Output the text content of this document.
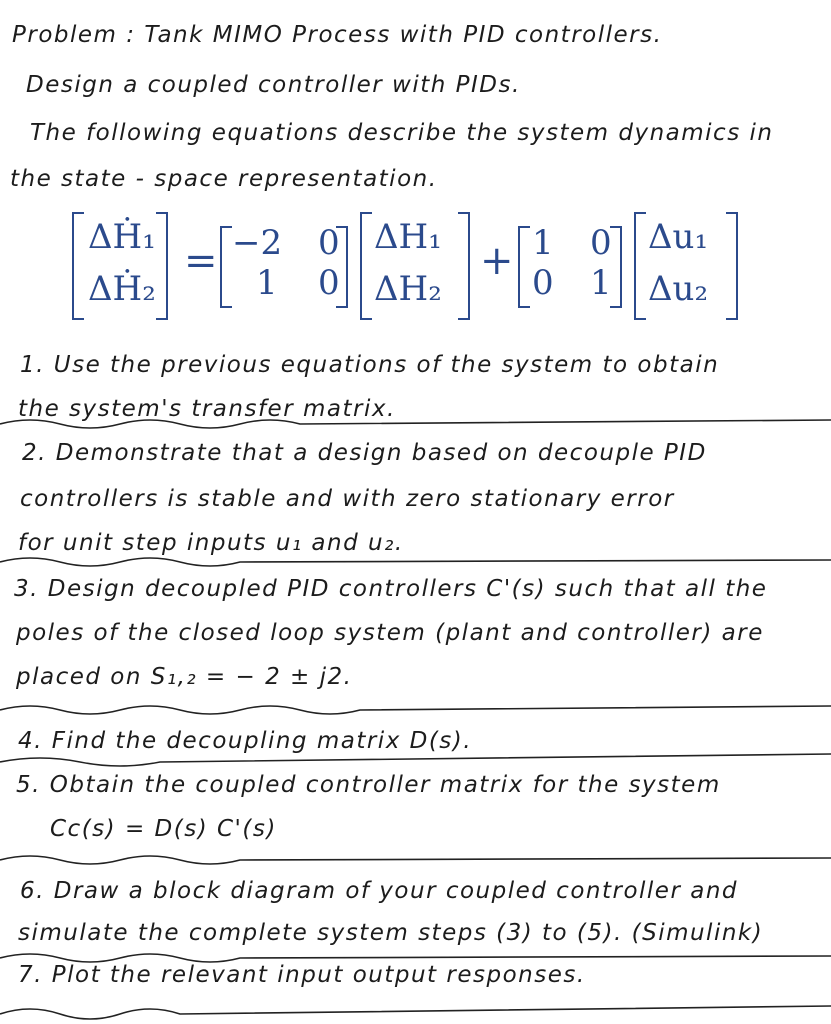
Problem : Tank MIMO Process with PID controllers.
Design a coupled controller with PIDs.
The following equations describe the system dynamics in
the state - space representation.
ΔḢ₁
ΔḢ₂
= −2 0
1 0
ΔH₁
ΔH₂
+ 1 0
0 1
Δu₁
Δu₂
1. Use the previous equations of the system to obtain
the system's transfer matrix.
2. Demonstrate that a design based on decouple PID
controllers is stable and with zero stationary error
for unit step inputs u₁ and u₂.
3. Design decoupled PID controllers C'(s) such that all the
poles of the closed loop system (plant and controller) are
placed on S₁,₂ = − 2 ± j2.
4. Find the decoupling matrix D(s).
5. Obtain the coupled controller matrix for the system
Cc(s) = D(s) C'(s)
6. Draw a block diagram of your coupled controller and
simulate the complete system steps (3) to (5). (Simulink)
7. Plot the relevant input output responses.
